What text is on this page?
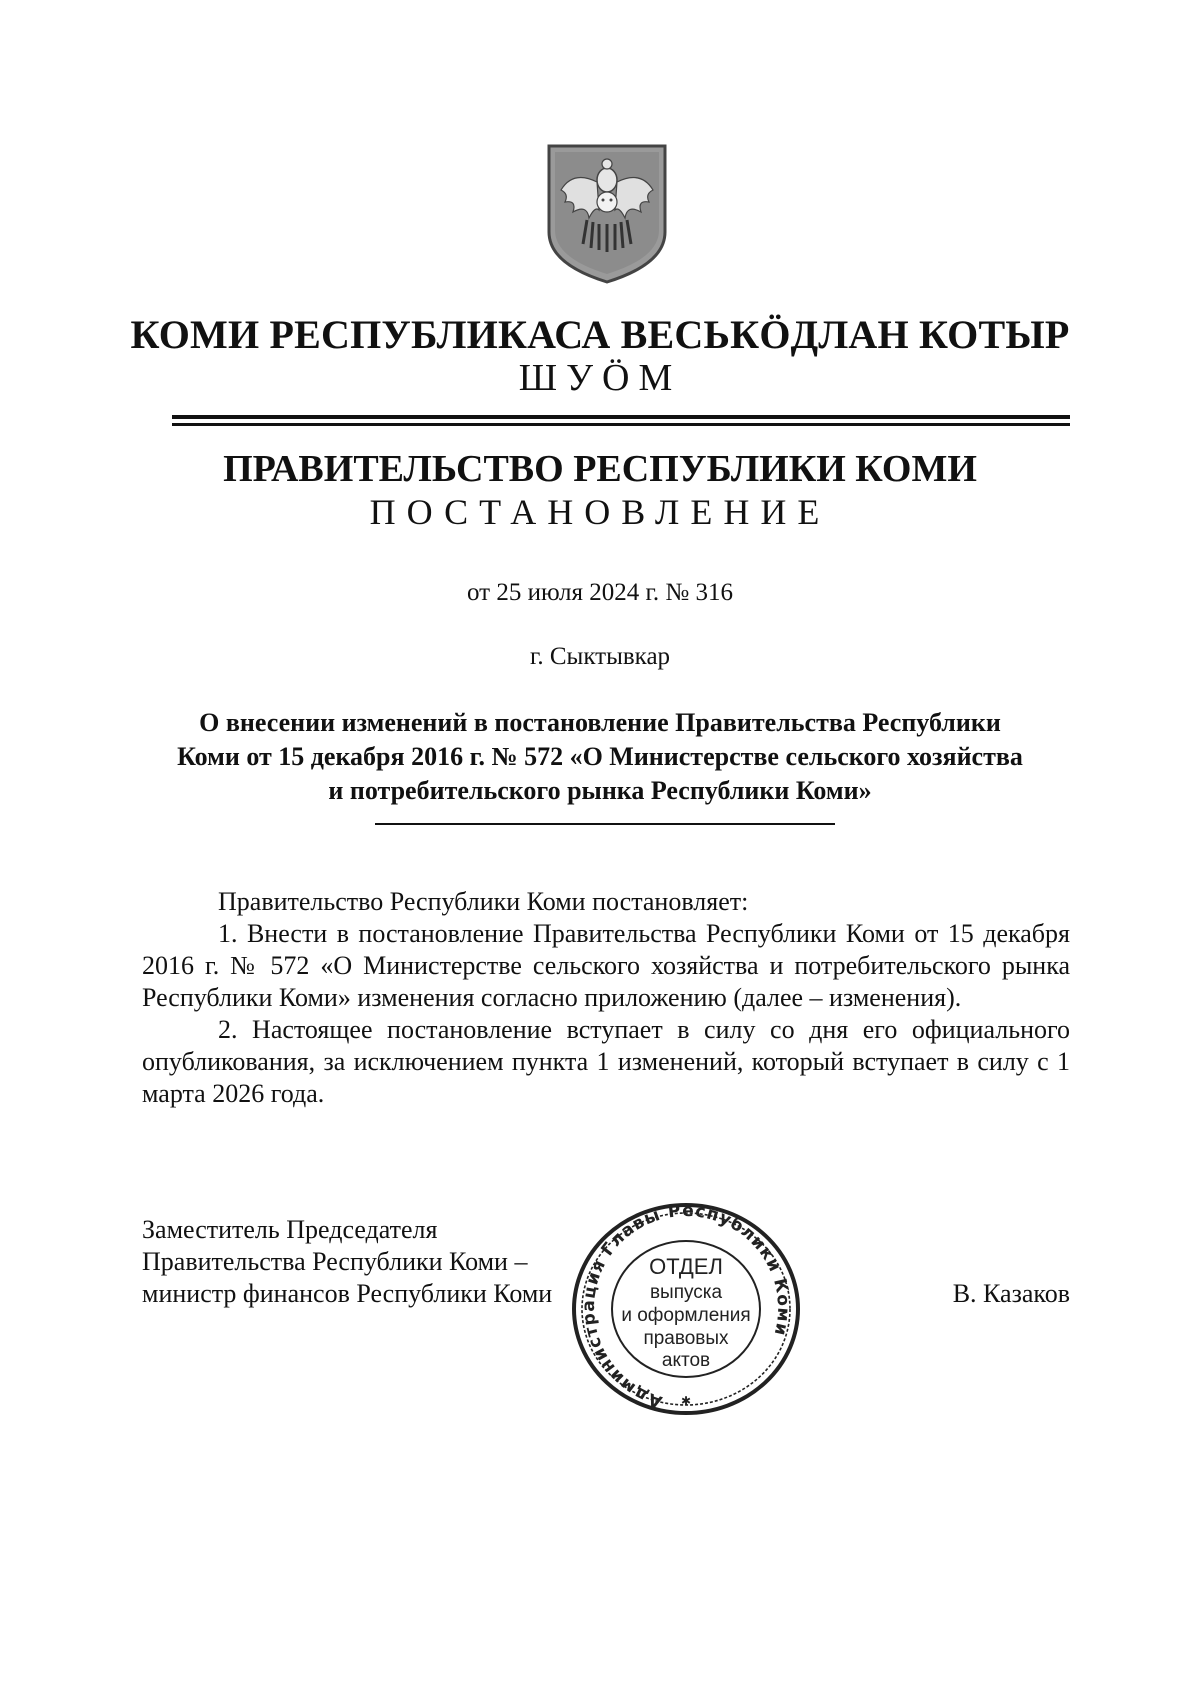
КОМИ РЕСПУБЛИКАСА ВЕСЬКӦДЛАН КОТЫР
ШУӦМ
ПРАВИТЕЛЬСТВО РЕСПУБЛИКИ КОМИ
ПОСТАНОВЛЕНИЕ
от 25 июля 2024 г. № 316
г. Сыктывкар
О внесении изменений в постановление Правительства Республики
Коми от 15 декабря 2016 г. № 572 «О Министерстве сельского хозяйства
и потребительского рынка Республики Коми»

Правительство Республики Коми постановляет:

1. Внести в постановление Правительства Республики Коми от 15 декабря 2016 г. № 572 «О Министерстве сельского хозяйства и потребительского рынка Республики Коми» изменения согласно приложению (далее – изменения).

2. Настоящее постановление вступает в силу со дня его официального опубликования, за исключением пункта 1 изменений, который вступает в силу с 1 марта 2026 года.

Заместитель Председателя
Правительства Республики Коми –
министр финансов Республики Коми	В. Казаков
Администрация Главы Республики Коми
ОТДЕЛ
выпуска
и оформления
правовых
актов
✱
